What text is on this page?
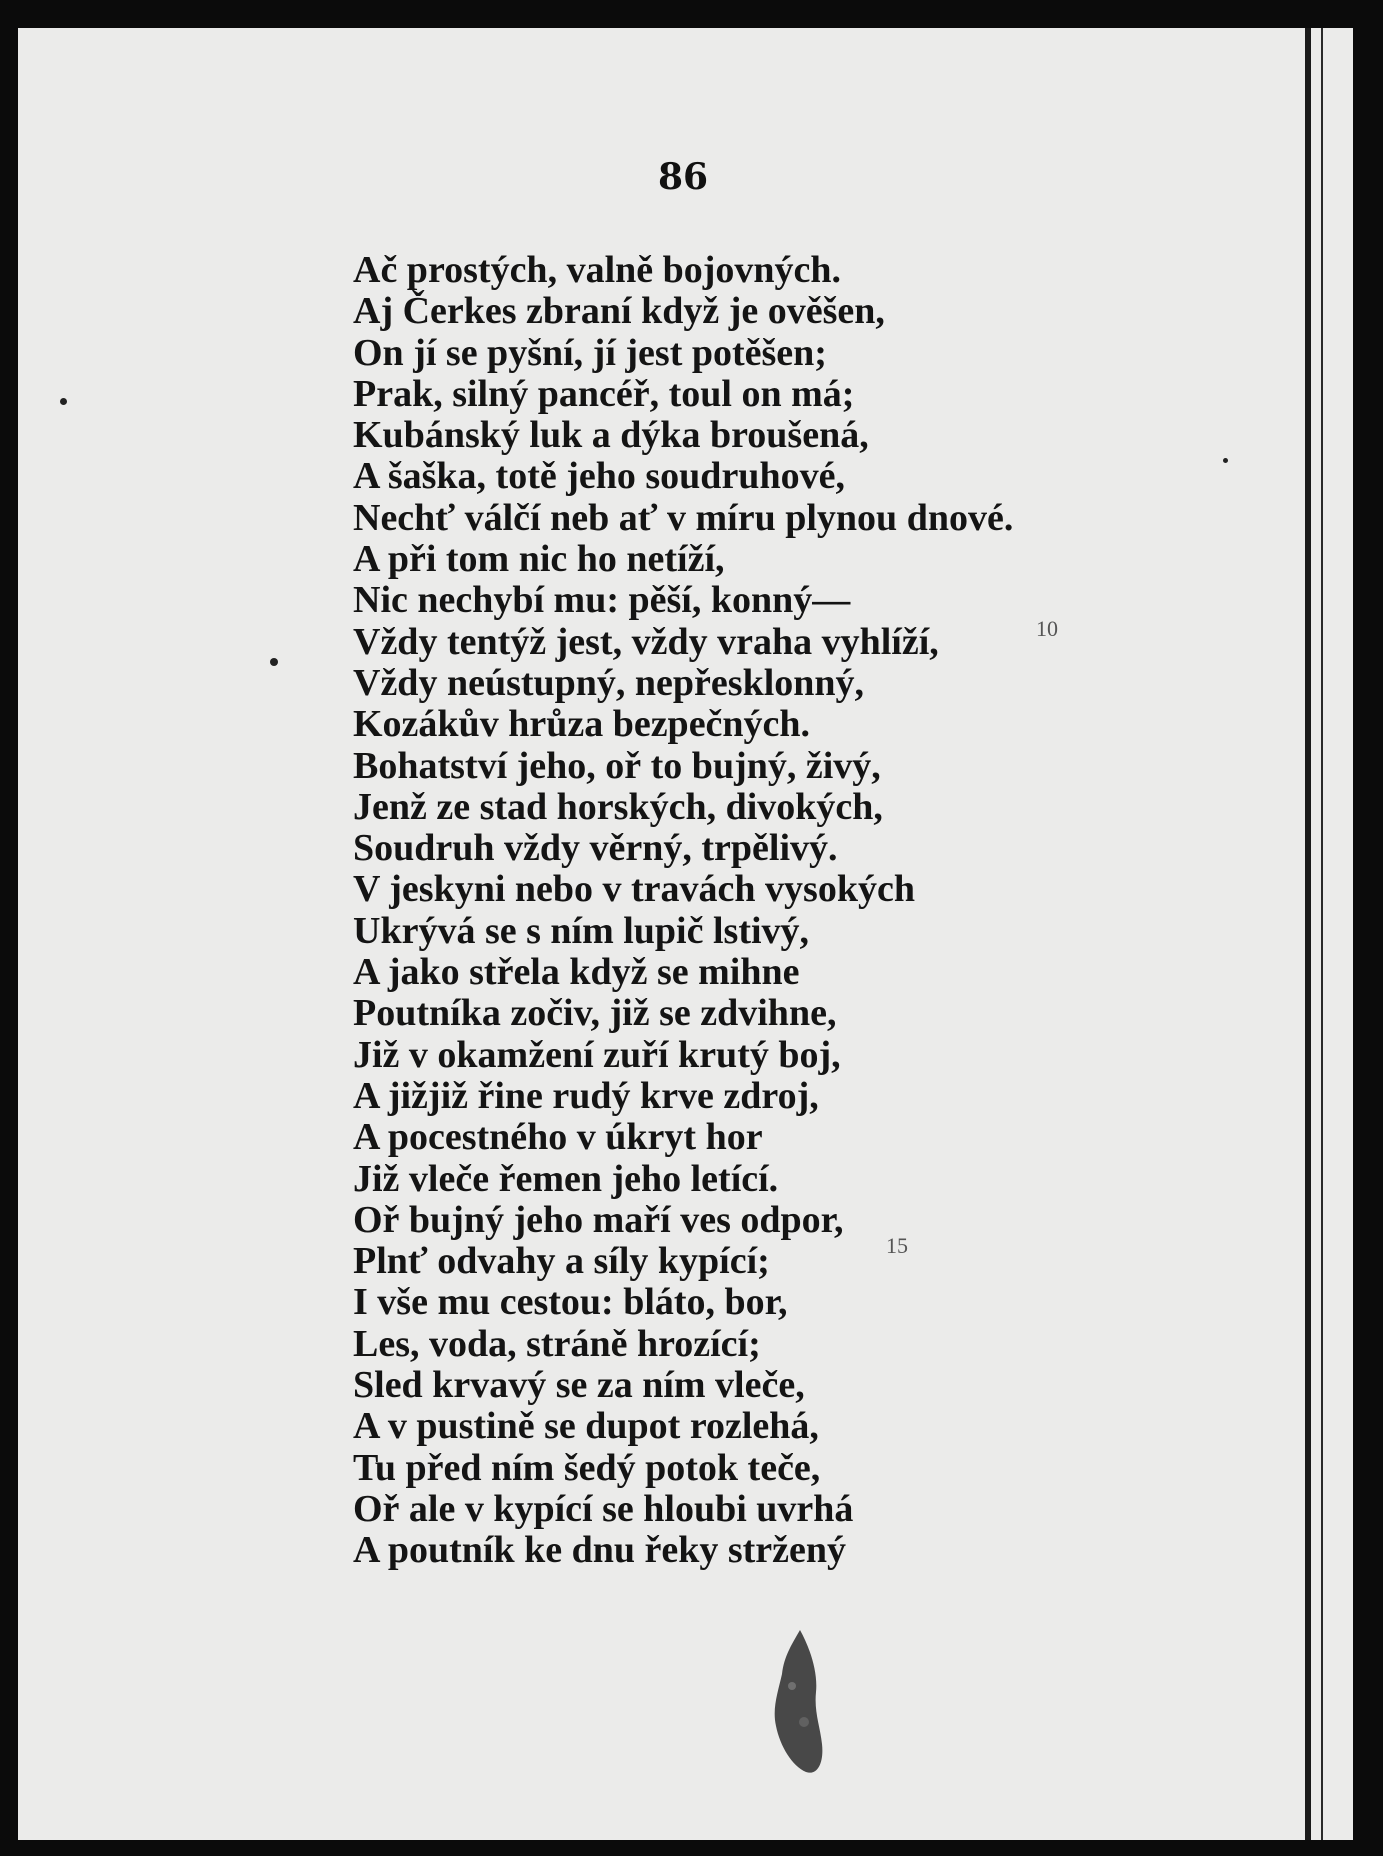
86
Ač prostých, valně bojovných.
Aj Čerkes zbraní když je ověšen,
On jí se pyšní, jí jest potěšen;
Prak, silný pancéř, toul on má;
Kubánský luk a dýka broušená,
A šaška, totě jeho soudruhové,
Nechť válčí neb ať v míru plynou dnové.
A při tom nic ho netíží,
Nic nechybí mu: pěší, konný—
Vždy tentýž jest, vždy vraha vyhlíží,
Vždy neústupný, nepřesklonný,
Kozákův hrůza bezpečných.
Bohatství jeho, oř to bujný, živý,
Jenž ze stad horských, divokých,
Soudruh vždy věrný, trpělivý.
V jeskyni nebo v travách vysokých
Ukrývá se s ním lupič lstivý,
A jako střela když se mihne
Poutníka zočiv, již se zdvihne,
Již v okamžení zuří krutý boj,
A jižjiž řine rudý krve zdroj,
A pocestného v úkryt hor
Již vleče řemen jeho letící.
Oř bujný jeho maří ves odpor,
Plnť odvahy a síly kypící;
I vše mu cestou: bláto, bor,
Les, voda, stráně hrozící;
Sled krvavý se za ním vleče,
A v pustině se dupot rozlehá,
Tu před ním šedý potok teče,
Oř ale v kypící se hloubi uvrhá
A poutník ke dnu řeky stržený
10
15
